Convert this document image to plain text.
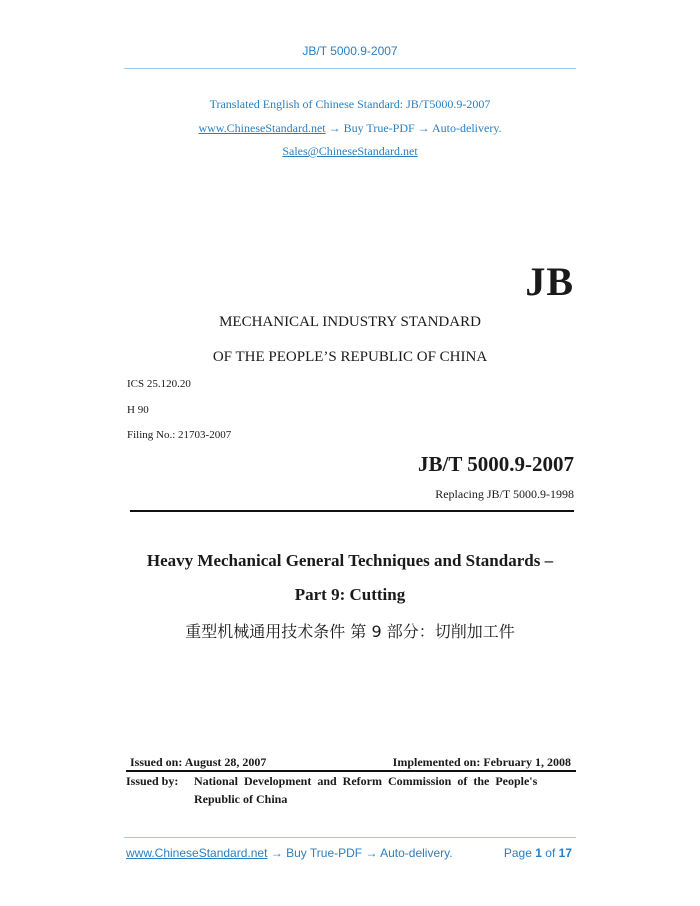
JB/T 5000.9-2007
Translated English of Chinese Standard: JB/T5000.9-2007
www.ChineseStandard.net → Buy True-PDF → Auto-delivery.
Sales@ChineseStandard.net
JB
MECHANICAL INDUSTRY STANDARD
OF THE PEOPLE’S REPUBLIC OF CHINA
ICS 25.120.20
H 90
Filing No.: 21703-2007
JB/T 5000.9-2007
Replacing JB/T 5000.9-1998
Heavy Mechanical General Techniques and Standards –
Part 9: Cutting
重型机械通用技术条件 第 9 部分：切削加工件
Issued on: August 28, 2007	Implemented on: February 1, 2008
Issued by: National  Development  and  Reform  Commission  of  the  People's
Republic of China
www.ChineseStandard.net → Buy True-PDF → Auto-delivery.	Page 1 of 17
